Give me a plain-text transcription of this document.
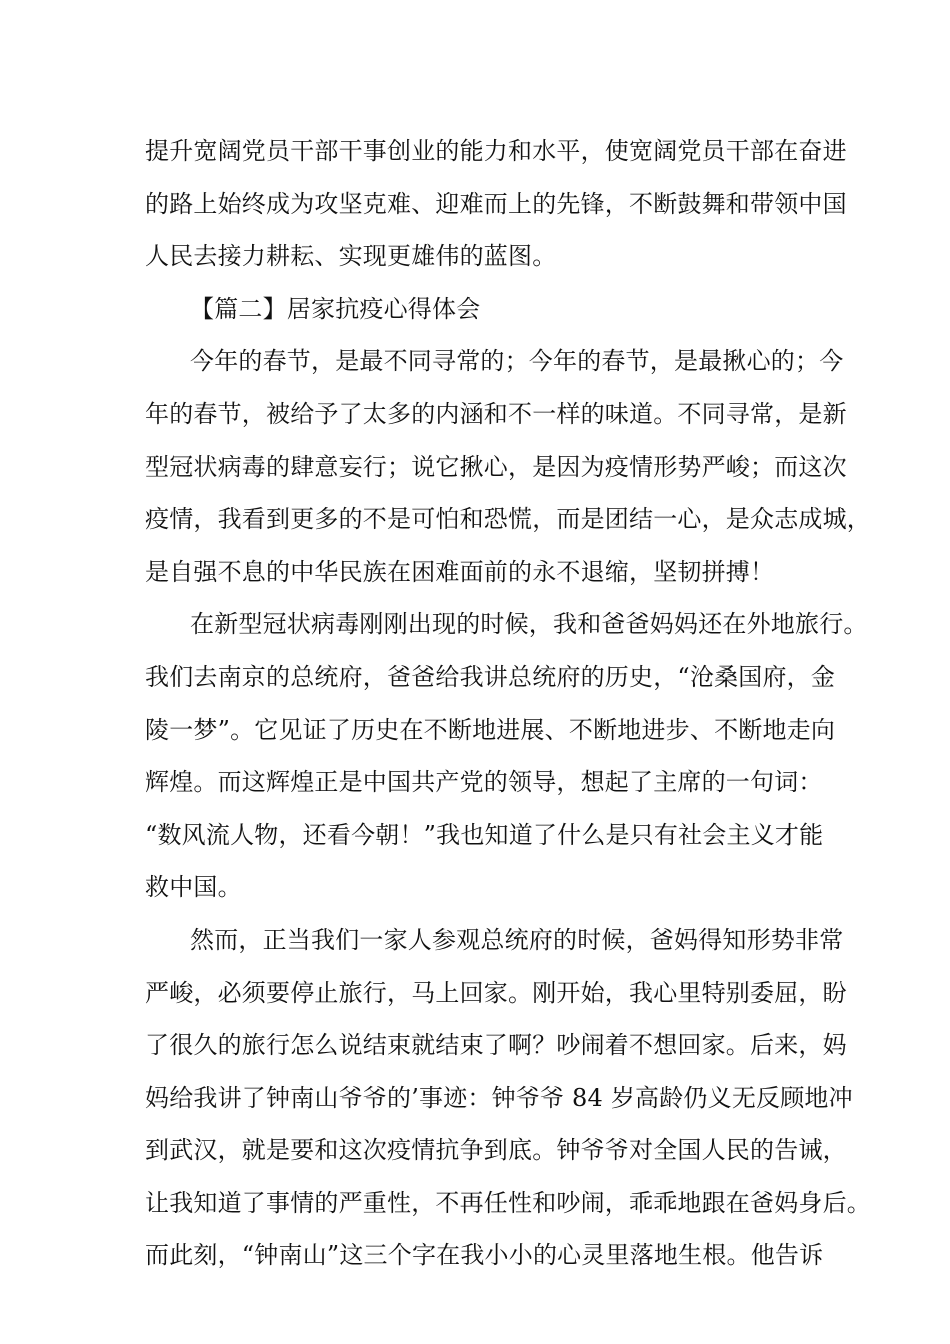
提升宽阔党员干部干事创业的能力和水平，使宽阔党员干部在奋进
的路上始终成为攻坚克难、迎难而上的先锋，不断鼓舞和带领中国
人民去接力耕耘、实现更雄伟的蓝图。
【篇二】居家抗疫心得体会
今年的春节，是最不同寻常的；今年的春节，是最揪心的；今
年的春节，被给予了太多的内涵和不一样的味道。不同寻常，是新
型冠状病毒的肆意妄行；说它揪心，是因为疫情形势严峻；而这次
疫情，我看到更多的不是可怕和恐慌，而是团结一心，是众志成城，
是自强不息的中华民族在困难面前的永不退缩，坚韧拼搏！
在新型冠状病毒刚刚出现的时候，我和爸爸妈妈还在外地旅行。
我们去南京的总统府，爸爸给我讲总统府的历史，“沧桑国府，金
陵一梦”。它见证了历史在不断地进展、不断地进步、不断地走向
辉煌。而这辉煌正是中国共产党的领导，想起了主席的一句词：
“数风流人物，还看今朝！”我也知道了什么是只有社会主义才能
救中国。
然而，正当我们一家人参观总统府的时候，爸妈得知形势非常
严峻，必须要停止旅行，马上回家。刚开始，我心里特别委屈，盼
了很久的旅行怎么说结束就结束了啊？吵闹着不想回家。后来，妈
妈给我讲了钟南山爷爷的’事迹：钟爷爷 84 岁高龄仍义无反顾地冲
到武汉，就是要和这次疫情抗争到底。钟爷爷对全国人民的告诫，
让我知道了事情的严重性，不再任性和吵闹，乖乖地跟在爸妈身后。
而此刻，“钟南山”这三个字在我小小的心灵里落地生根。他告诉
